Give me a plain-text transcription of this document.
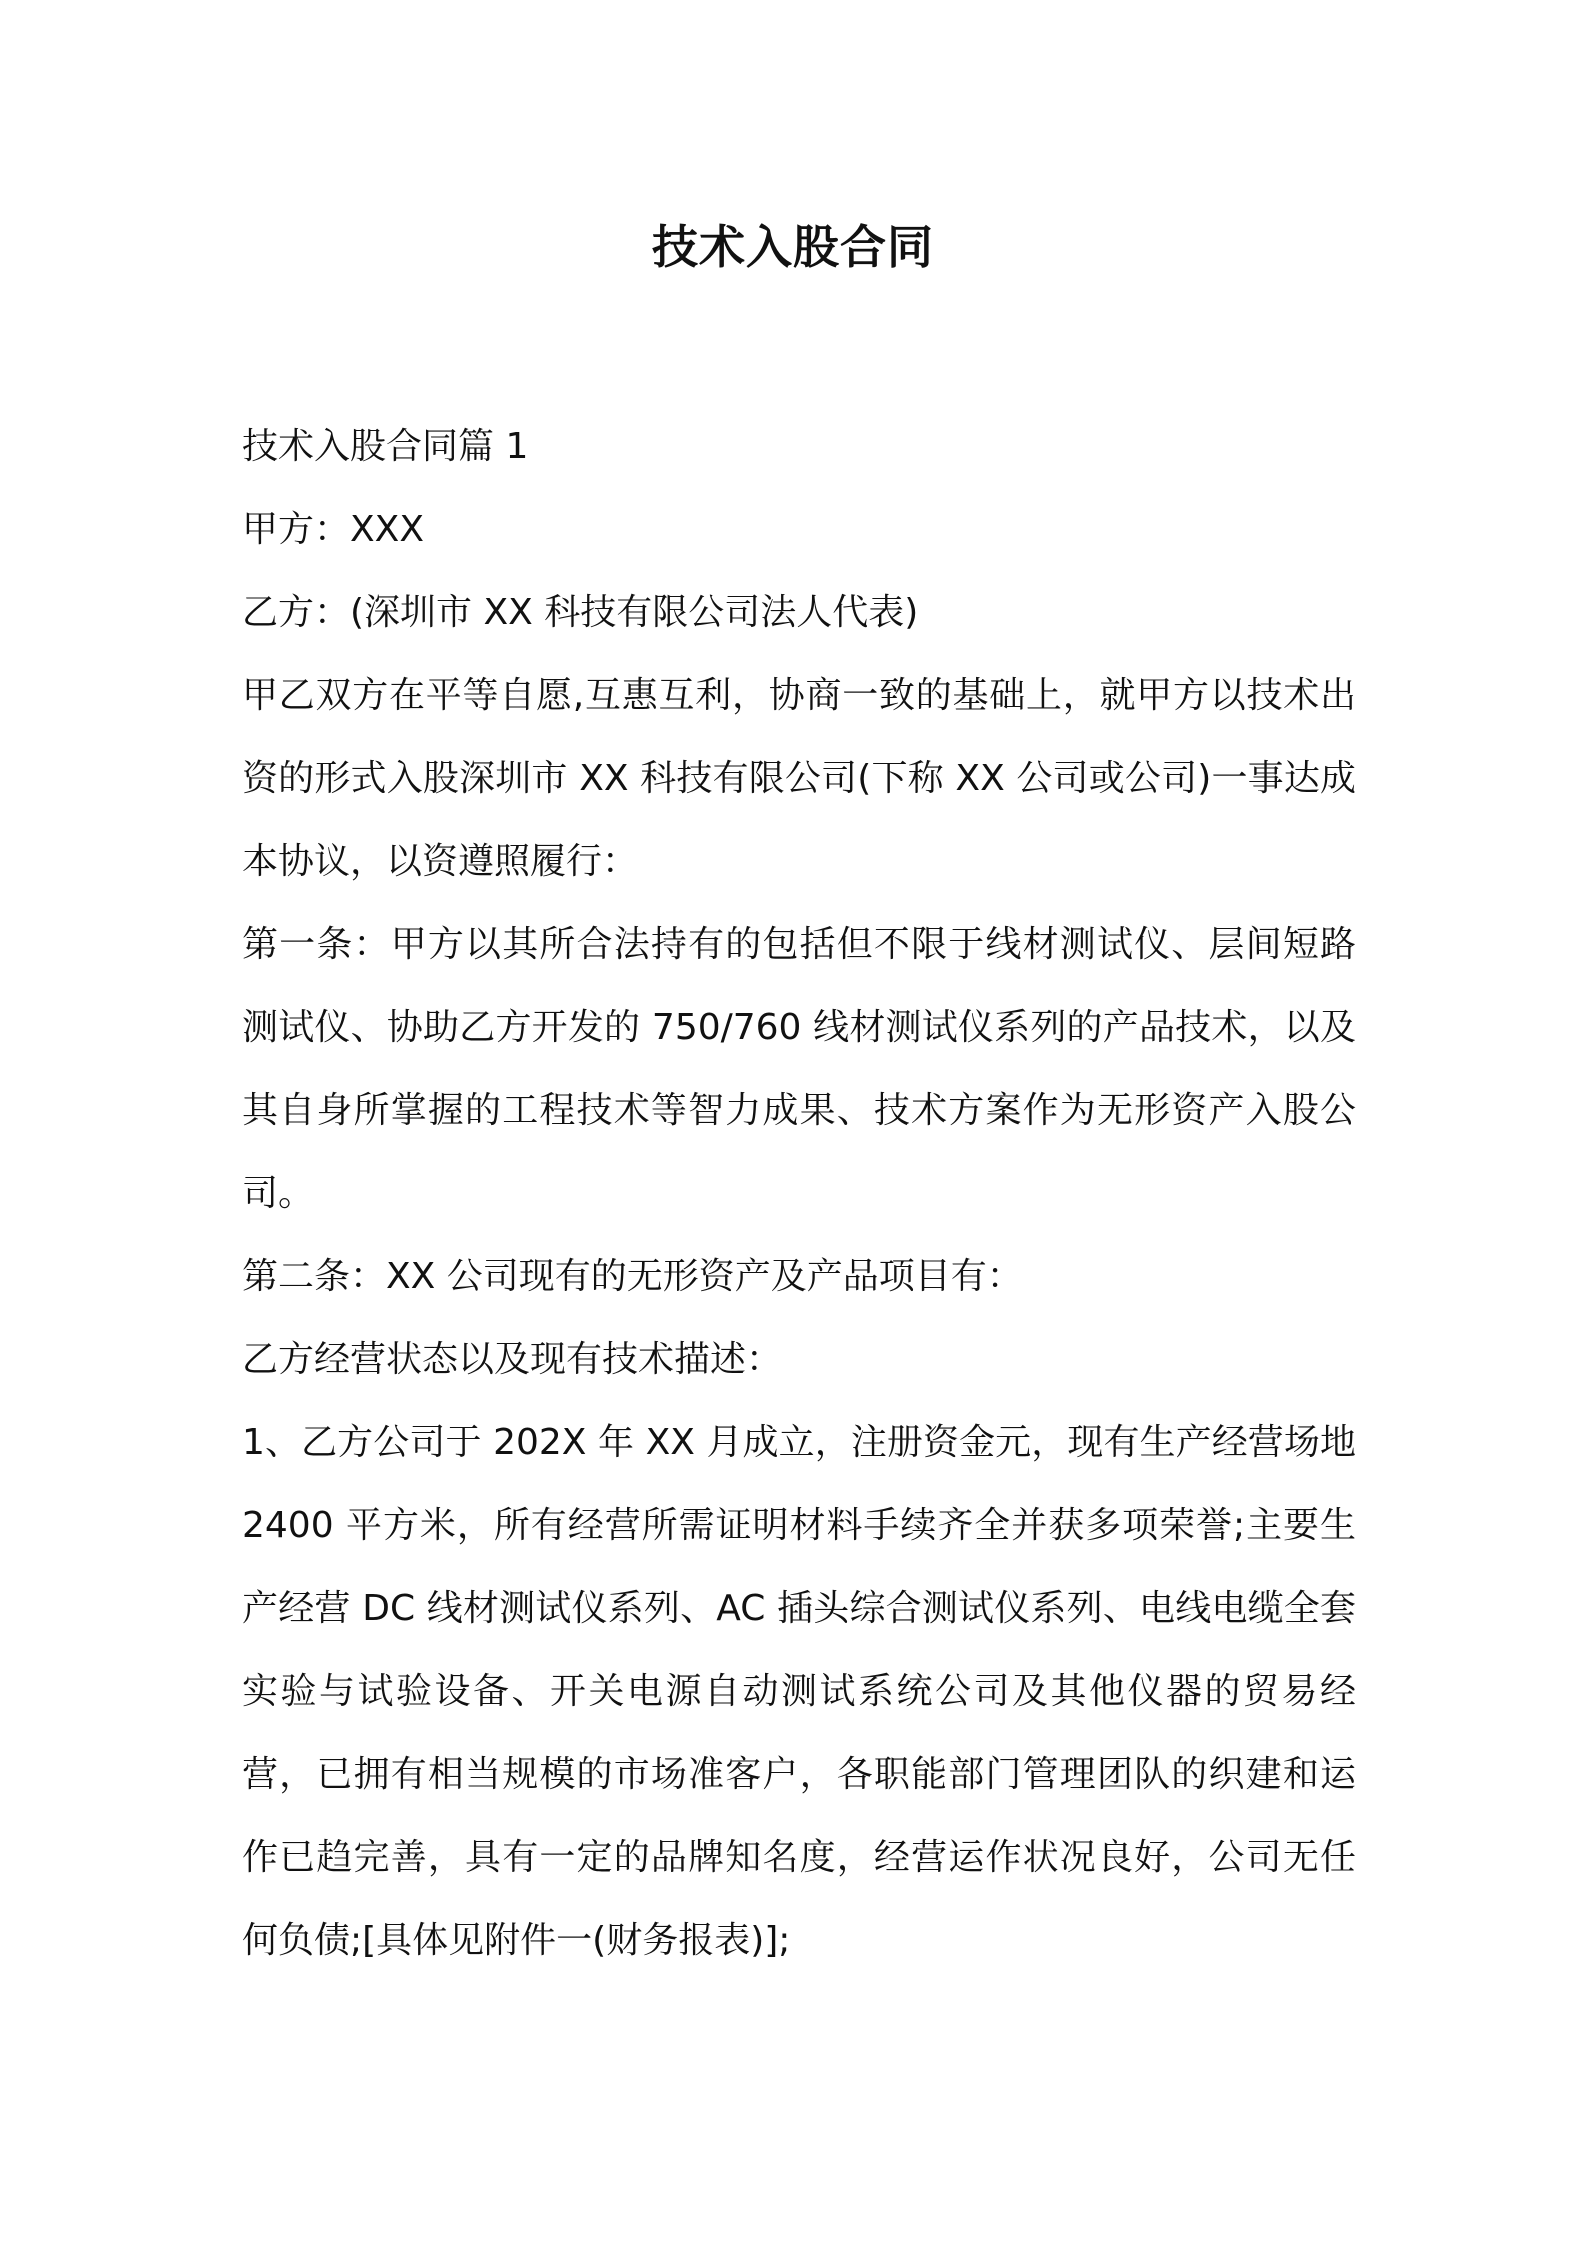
技术入股合同
技术入股合同篇 1
甲方：XXX
乙方：(深圳市 XX 科技有限公司法人代表)
甲乙双方在平等自愿,互惠互利，协商一致的基础上，就甲方以技术出资的形式入股深圳市 XX 科技有限公司(下称 XX 公司或公司)一事达成本协议，以资遵照履行：
第一条：甲方以其所合法持有的包括但不限于线材测试仪、层间短路测试仪、协助乙方开发的 750/760 线材测试仪系列的产品技术，以及其自身所掌握的工程技术等智力成果、技术方案作为无形资产入股公司。
第二条：XX 公司现有的无形资产及产品项目有：
乙方经营状态以及现有技术描述：
1、乙方公司于 202X 年 XX 月成立，注册资金元，现有生产经营场地2400 平方米，所有经营所需证明材料手续齐全并获多项荣誉;主要生产经营 DC 线材测试仪系列、AC 插头综合测试仪系列、电线电缆全套实验与试验设备、开关电源自动测试系统公司及其他仪器的贸易经营，已拥有相当规模的市场准客户，各职能部门管理团队的织建和运作已趋完善，具有一定的品牌知名度，经营运作状况良好，公司无任何负债;[具体见附件一(财务报表)];
